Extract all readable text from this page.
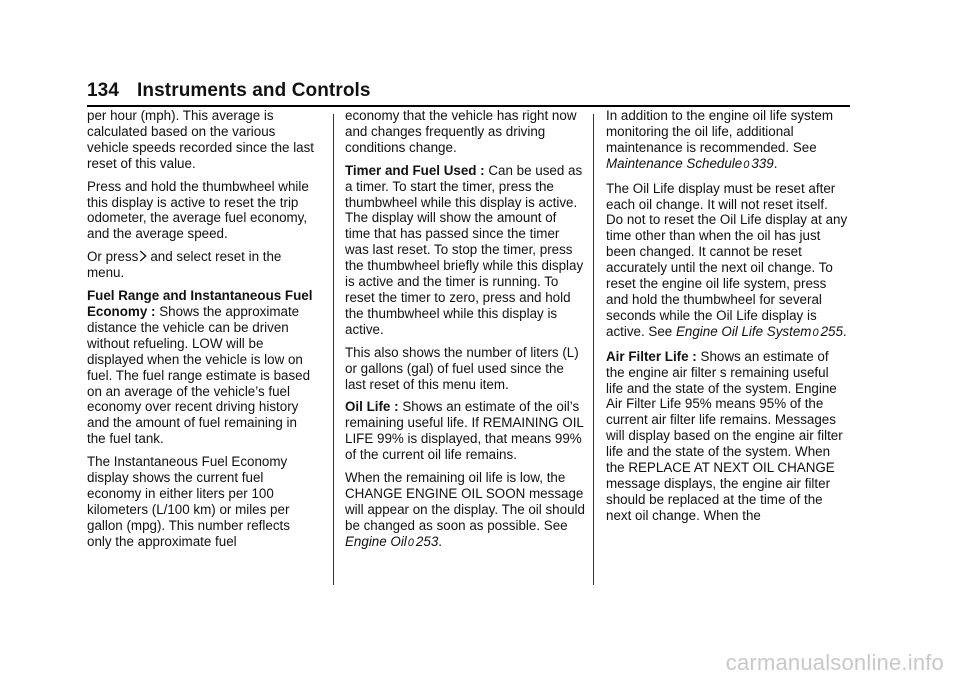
134 Instruments and Controls

per hour (mph). This average is calculated based on the various vehicle speeds recorded since the last reset of this value.

Press and hold the thumbwheel while this display is active to reset the trip odometer, the average fuel economy, and the average speed.

Or press and select reset in the menu.

Fuel Range and Instantaneous Fuel Economy : Shows the approximate distance the vehicle can be driven without refueling. LOW will be displayed when the vehicle is low on fuel. The fuel range estimate is based on an average of the vehicle’s fuel economy over recent driving history and the amount of fuel remaining in the fuel tank.

The Instantaneous Fuel Economy display shows the current fuel economy in either liters per 100 kilometers (L/100 km) or miles per gallon (mpg). This number reflects only the approximate fuel

economy that the vehicle has right now and changes frequently as driving conditions change.

Timer and Fuel Used : Can be used as a timer. To start the timer, press the thumbwheel while this display is active. The display will show the amount of time that has passed since the timer was last reset. To stop the timer, press the thumbwheel briefly while this display is active and the timer is running. To reset the timer to zero, press and hold the thumbwheel while this display is active.

This also shows the number of liters (L) or gallons (gal) of fuel used since the last reset of this menu item.

Oil Life : Shows an estimate of the oil’s remaining useful life. If REMAINING OIL LIFE 99% is displayed, that means 99% of the current oil life remains.

When the remaining oil life is low, the CHANGE ENGINE OIL SOON message will appear on the display. The oil should be changed as soon as possible. See Engine Oil0 253.

In addition to the engine oil life system monitoring the oil life, additional maintenance is recommended. See Maintenance Schedule0 339.

The Oil Life display must be reset after each oil change. It will not reset itself. Do not to reset the Oil Life display at any time other than when the oil has just been changed. It cannot be reset accurately until the next oil change. To reset the engine oil life system, press and hold the thumbwheel for several seconds while the Oil Life display is active. See Engine Oil Life System0 255.

Air Filter Life : Shows an estimate of the engine air filter s remaining useful life and the state of the system. Engine Air Filter Life 95% means 95% of the current air filter life remains. Messages will display based on the engine air filter life and the state of the system. When the REPLACE AT NEXT OIL CHANGE message displays, the engine air filter should be replaced at the time of the next oil change. When the

carmanualsonline.info
